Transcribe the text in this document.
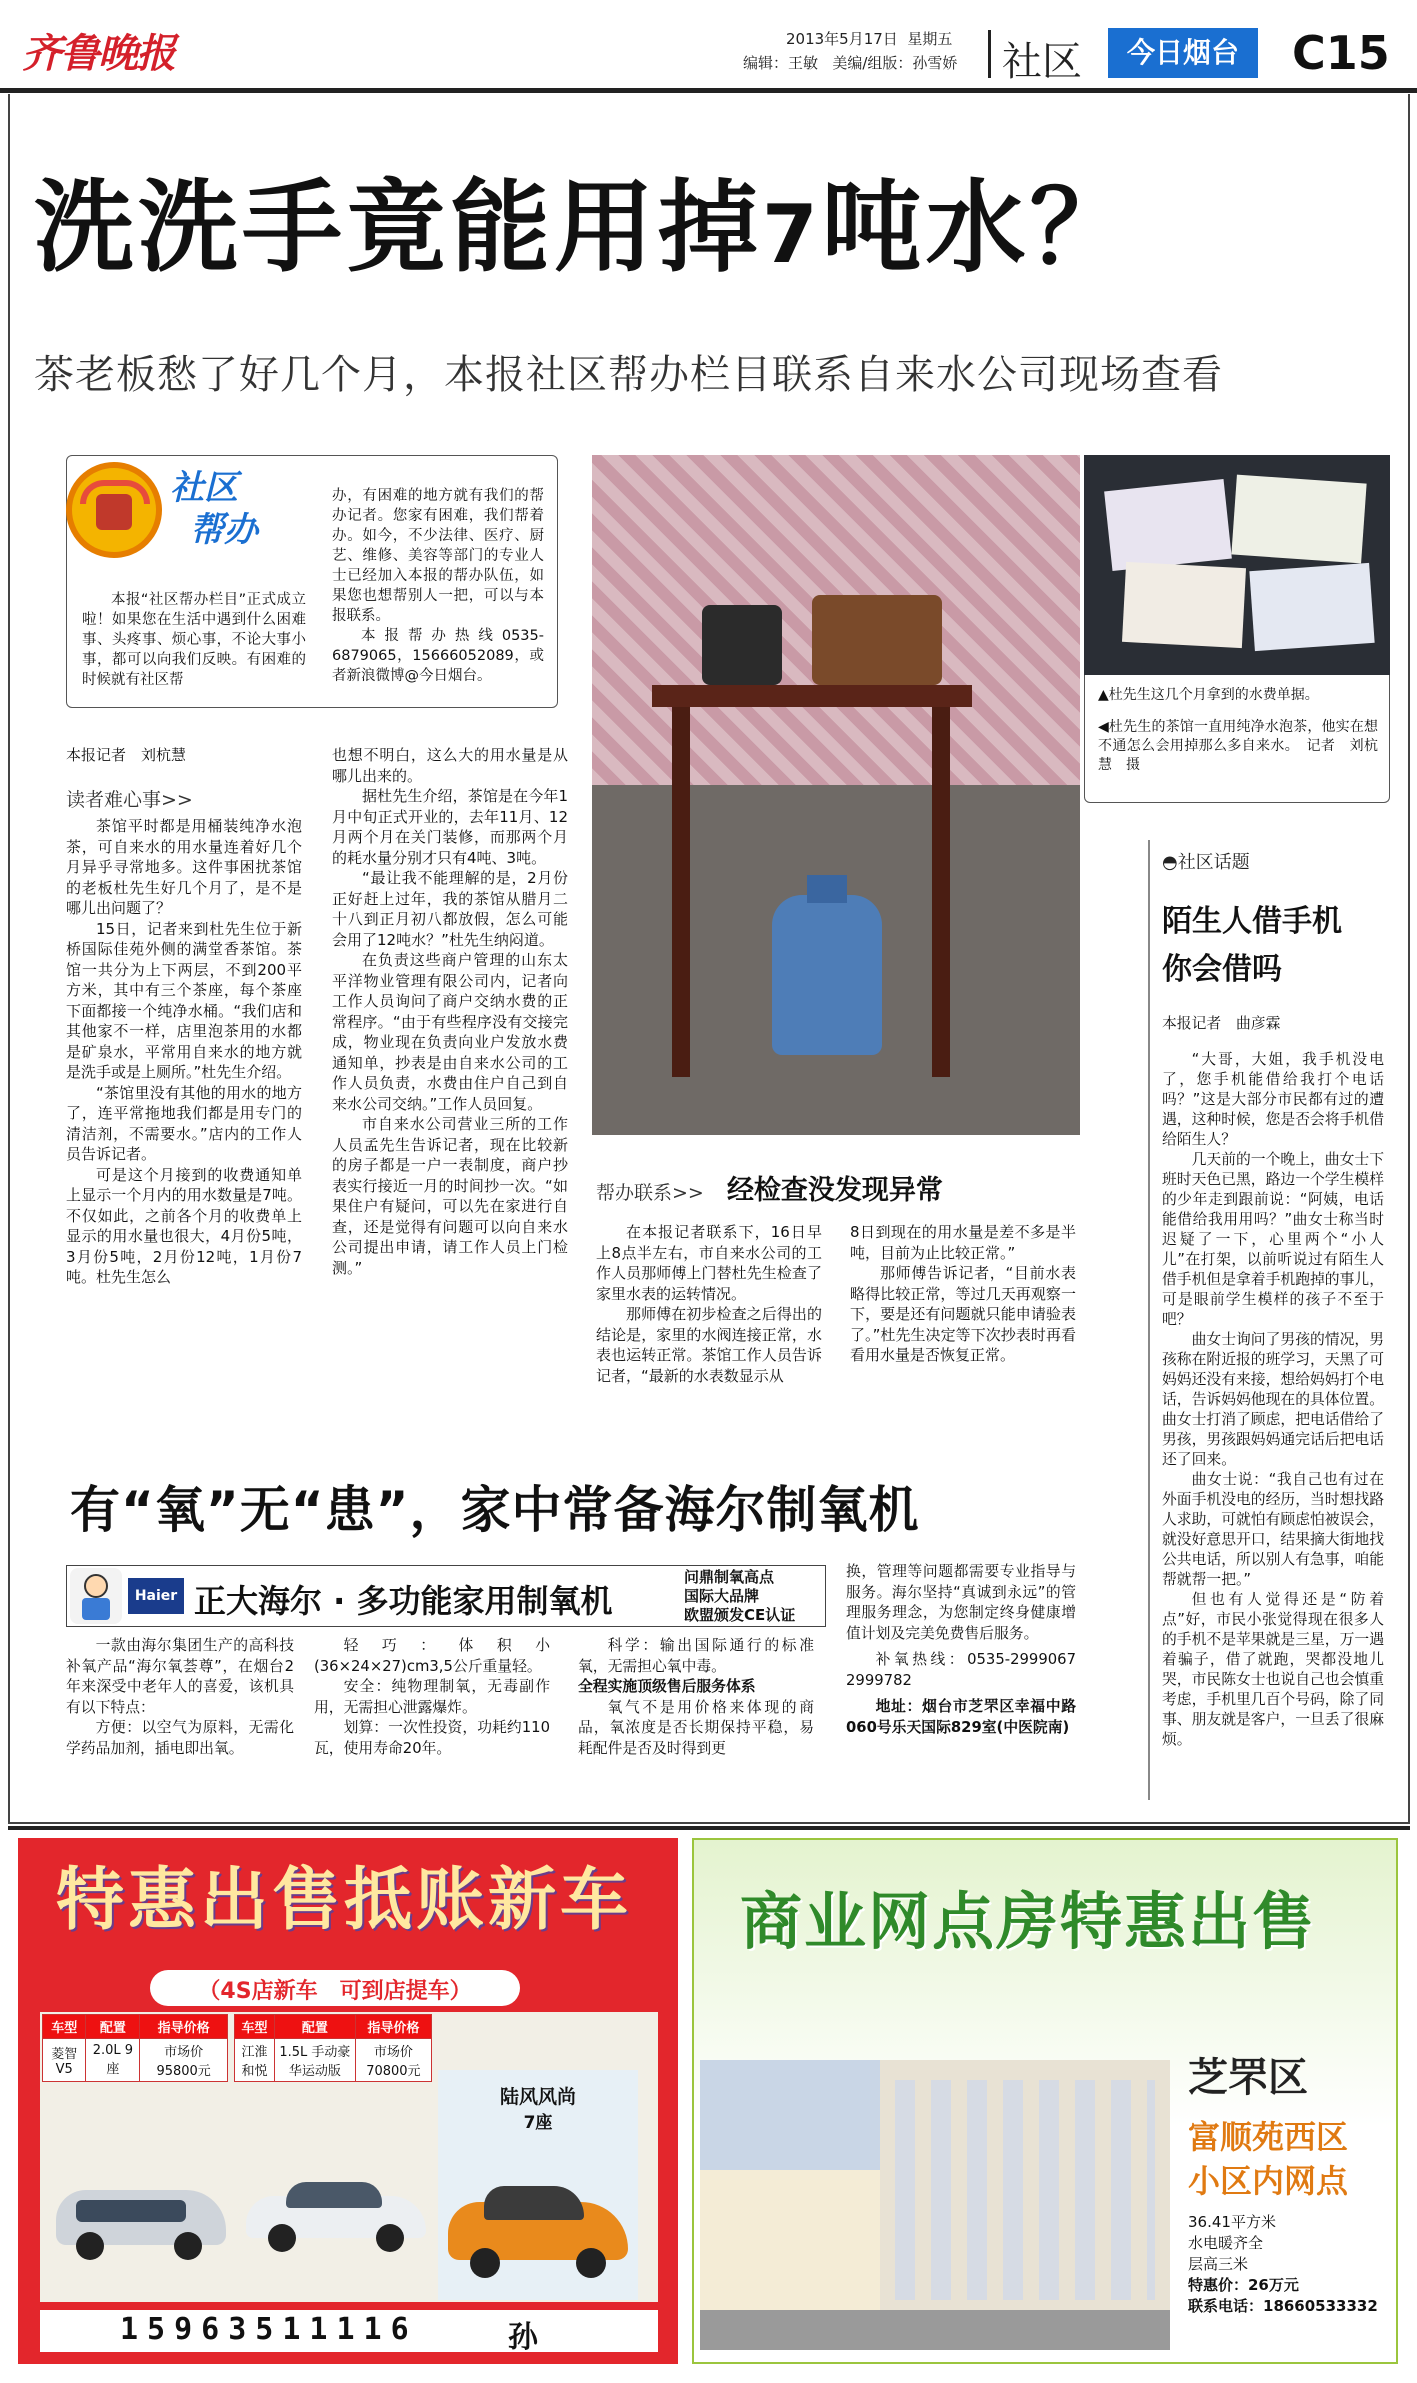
齐鲁晚报	2013年5月17日 星期五
编辑：王敏 美编/组版：孙雪娇 社区	今日烟台	C15
洗洗手竟能用掉7吨水？
茶老板愁了好几个月，本报社区帮办栏目联系自来水公司现场查看
社区
帮办

本报“社区帮办栏目”正式成立啦！如果您在生活中遇到什么困难事、头疼事、烦心事，不论大事小事，都可以向我们反映。有困难的时候就有社区帮

办，有困难的地方就有我们的帮办记者。您家有困难，我们帮着办。如今，不少法律、医疗、厨艺、维修、美容等部门的专业人士已经加入本报的帮办队伍，如果您也想帮别人一把，可以与本报联系。

本报帮办热线0535-6879065，15666052089，或者新浪微博@今日烟台。

▲杜先生这几个月拿到的水费单据。

◀杜先生的茶馆一直用纯净水泡茶，他实在想不通怎么会用掉那么多自来水。　记者　刘杭慧　摄

本报记者　刘杭慧

读者难心事>>

茶馆平时都是用桶装纯净水泡茶，可自来水的用水量连着好几个月异乎寻常地多。这件事困扰茶馆的老板杜先生好几个月了，是不是哪儿出问题了？

15日，记者来到杜先生位于新桥国际佳苑外侧的满堂香茶馆。茶馆一共分为上下两层，不到200平方米，其中有三个茶座，每个茶座下面都接一个纯净水桶。“我们店和其他家不一样，店里泡茶用的水都是矿泉水，平常用自来水的地方就是洗手或是上厕所。”杜先生介绍。

“茶馆里没有其他的用水的地方了，连平常拖地我们都是用专门的清洁剂，不需要水。”店内的工作人员告诉记者。

可是这个月接到的收费通知单上显示一个月内的用水数量是7吨。不仅如此，之前各个月的收费单上显示的用水量也很大，4月份5吨，3月份5吨，2月份12吨，1月份7吨。杜先生怎么

也想不明白，这么大的用水量是从哪儿出来的。

据杜先生介绍，茶馆是在今年1月中旬正式开业的，去年11月、12月两个月在关门装修，而那两个月的耗水量分别才只有4吨、3吨。

“最让我不能理解的是，2月份正好赶上过年，我的茶馆从腊月二十八到正月初八都放假，怎么可能会用了12吨水？”杜先生纳闷道。

在负责这些商户管理的山东太平洋物业管理有限公司内，记者向工作人员询问了商户交纳水费的正常程序。“由于有些程序没有交接完成，物业现在负责向业户发放水费通知单，抄表是由自来水公司的工作人员负责，水费由住户自己到自来水公司交纳。”工作人员回复。

市自来水公司营业三所的工作人员孟先生告诉记者，现在比较新的房子都是一户一表制度，商户抄表实行接近一月的时间抄一次。“如果住户有疑问，可以先在家进行自查，还是觉得有问题可以向自来水公司提出申请，请工作人员上门检测。”

帮办联系>> 经检查没发现异常

在本报记者联系下，16日早上8点半左右，市自来水公司的工作人员那师傅上门替杜先生检查了家里水表的运转情况。

那师傅在初步检查之后得出的结论是，家里的水阀连接正常，水表也运转正常。茶馆工作人员告诉记者，“最新的水表数显示从

8日到现在的用水量是差不多是半吨，目前为止比较正常。”

那师傅告诉记者，“目前水表略得比较正常，等过几天再观察一下，要是还有问题就只能申请验表了。”杜先生决定等下次抄表时再看看用水量是否恢复正常。

◓社区话题
陌生人借手机
你会借吗

本报记者　曲彦霖

“大哥，大姐，我手机没电了，您手机能借给我打个电话吗？”这是大部分市民都有过的遭遇，这种时候，您是否会将手机借给陌生人？

几天前的一个晚上，曲女士下班时天色已黑，路边一个学生模样的少年走到跟前说：“阿姨，电话能借给我用用吗？”曲女士称当时迟疑了一下，心里两个“小人儿”在打架，以前听说过有陌生人借手机但是拿着手机跑掉的事儿，可是眼前学生模样的孩子不至于吧？

曲女士询问了男孩的情况，男孩称在附近报的班学习，天黑了可妈妈还没有来接，想给妈妈打个电话，告诉妈妈他现在的具体位置。曲女士打消了顾虑，把电话借给了男孩，男孩跟妈妈通完话后把电话还了回来。

曲女士说：“我自己也有过在外面手机没电的经历，当时想找路人求助，可就怕有顾虑怕被误会，就没好意思开口，结果摘大街地找公共电话，所以别人有急事，咱能帮就帮一把。”

但也有人觉得还是“防着点”好，市民小张觉得现在很多人的手机不是苹果就是三星，万一遇着骗子，借了就跑，哭都没地儿哭，市民陈女士也说自己也会慎重考虑，手机里几百个号码，除了同事、朋友就是客户，一旦丢了很麻烦。

有“氧”无“患”，家中常备海尔制氧机
Haier 正大海尔 · 多功能家用制氧机
问鼎制氧高点
国际大品牌
欧盟颁发CE认证

一款由海尔集团生产的高科技补氧产品“海尔氧荟尊”，在烟台2年来深受中老年人的喜爱，该机具有以下特点：

方便：以空气为原料，无需化学药品加剂，插电即出氧。

轻巧：体积小(36×24×27)cm3,5公斤重量轻。

安全：纯物理制氧，无毒副作用，无需担心泄露爆炸。

划算：一次性投资，功耗约110瓦，使用寿命20年。

科学：输出国际通行的标准氧，无需担心氧中毒。

全程实施顶级售后服务体系

氧气不是用价格来体现的商品，氧浓度是否长期保持平稳，易耗配件是否及时得到更

换，管理等问题都需要专业指导与服务。海尔坚持“真诚到永远”的管理服务理念，为您制定终身健康增值计划及完美免费售后服务。

补氧热线：0535-2999067　2999782

地址：烟台市芝罘区幸福中路060号乐天国际829室(中医院南)

特惠出售抵账新车
（4S店新车　可到店提车）
车型	配置	指导价格
菱智V5	2.0L 9座	市场价 95800元
车型	配置	指导价格
江淮和悦	1.5L 手动豪华运动版	市场价 70800元
陆风风尚
7座
15963511116	孙
商业网点房特惠出售
芝罘区
富顺苑西区
小区内网点
36.41平方米
水电暖齐全
层高三米
特惠价：26万元
联系电话：18660533332
